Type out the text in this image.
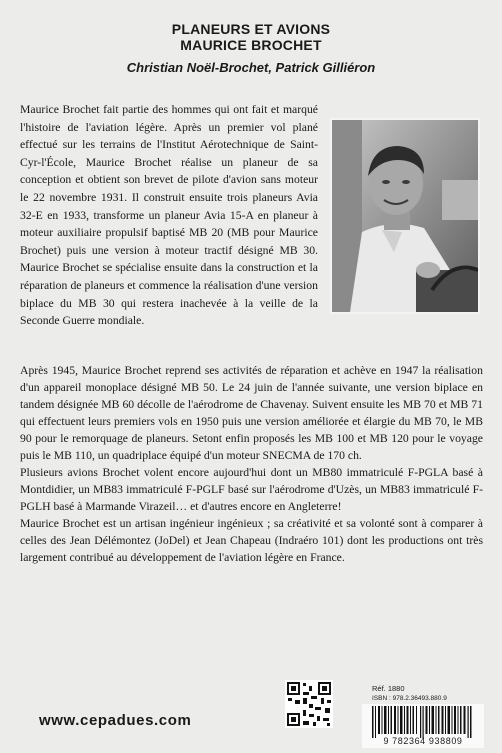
PLANEURS ET AVIONS
MAURICE BROCHET
Christian Noël-Brochet, Patrick Gilliéron

Maurice Brochet fait partie des hommes qui ont fait et marqué l'histoire de l'aviation légère. Après un premier vol plané effectué sur les terrains de l'Institut Aérotechnique de Saint-Cyr-l'École, Maurice Brochet réalise un planeur de sa conception et obtient son brevet de pilote d'avion sans moteur le 22 novembre 1931. Il construit ensuite trois planeurs Avia 32-E en 1933, transforme un planeur Avia 15-A en planeur à moteur auxiliaire propulsif baptisé MB 20 (MB pour Maurice Brochet) puis une version à moteur tractif désigné MB 30. Maurice Brochet se spécialise ensuite dans la construction et la réparation de planeurs et commence la réalisation d'une version biplace du MB 30 qui restera inachevée à la veille de la Seconde Guerre mondiale.

Après 1945, Maurice Brochet reprend ses activités de réparation et achève en 1947 la réalisation d'un appareil monoplace désigné MB 50. Le 24 juin de l'année suivante, une version biplace en tandem désignée MB 60 décolle de l'aérodrome de Chavenay. Suivent ensuite les MB 70 et MB 71 qui effectuent leurs premiers vols en 1950 puis une version améliorée et élargie du MB 70, le MB 90 pour le remorquage de planeurs. Setont enfin proposés les MB 100 et MB 120 pour le voyage puis le MB 110, un quadriplace équipé d'un moteur SNECMA de 170 ch.

Plusieurs avions Brochet volent encore aujourd'hui dont un MB80 immatriculé F-PGLA basé à Montdidier, un MB83 immatriculé F-PGLF basé sur l'aérodrome d'Uzès, un MB83 immatriculé F-PGLH basé à Marmande Virazeil… et d'autres encore en Angleterre!

Maurice Brochet est un artisan ingénieur ingénieux ; sa créativité et sa volonté sont à comparer à celles des Jean Délémontez (JoDel) et Jean Chapeau (Indraéro 101) dont les productions ont très largement contribué au développement de l'aviation légère en France.

www.cepadues.com
Réf. 1880
ISBN : 978.2.36493.880.9
9 782364 938809
